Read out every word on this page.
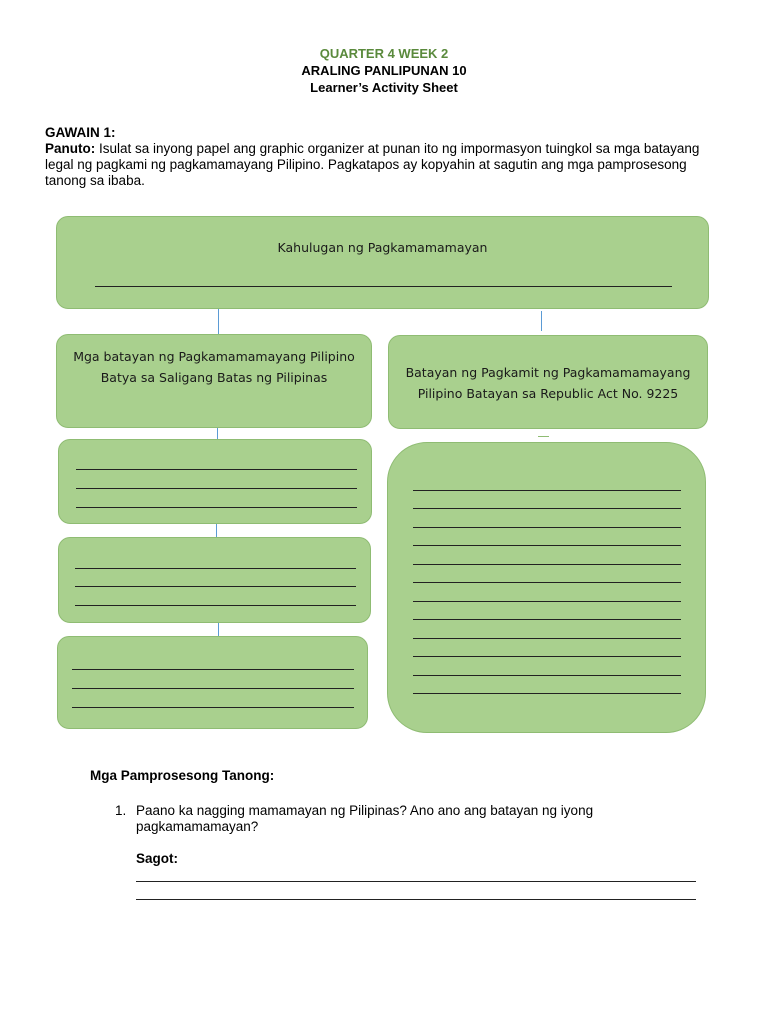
QUARTER 4 WEEK 2
ARALING PANLIPUNAN 10
Learner’s Activity Sheet
GAWAIN 1:
Panuto: Isulat sa inyong papel ang graphic organizer at punan ito ng impormasyon tuingkol sa mga batayang legal ng pagkami ng pagkamamayang Pilipino. Pagkatapos ay kopyahin at sagutin ang mga pamprosesong tanong sa ibaba.
Kahulugan ng Pagkamamamayan
Mga batayan ng Pagkamamamayang Pilipino
Batya sa Saligang Batas ng Pilipinas	Batayan ng Pagkamit ng Pagkamamamayang
Pilipino Batayan sa Republic Act No. 9225
Mga Pamprosesong Tanong:
1. Paano ka nagging mamamayan ng Pilipinas? Ano ano ang batayan ng iyong pagkamamamayan?
Sagot:
